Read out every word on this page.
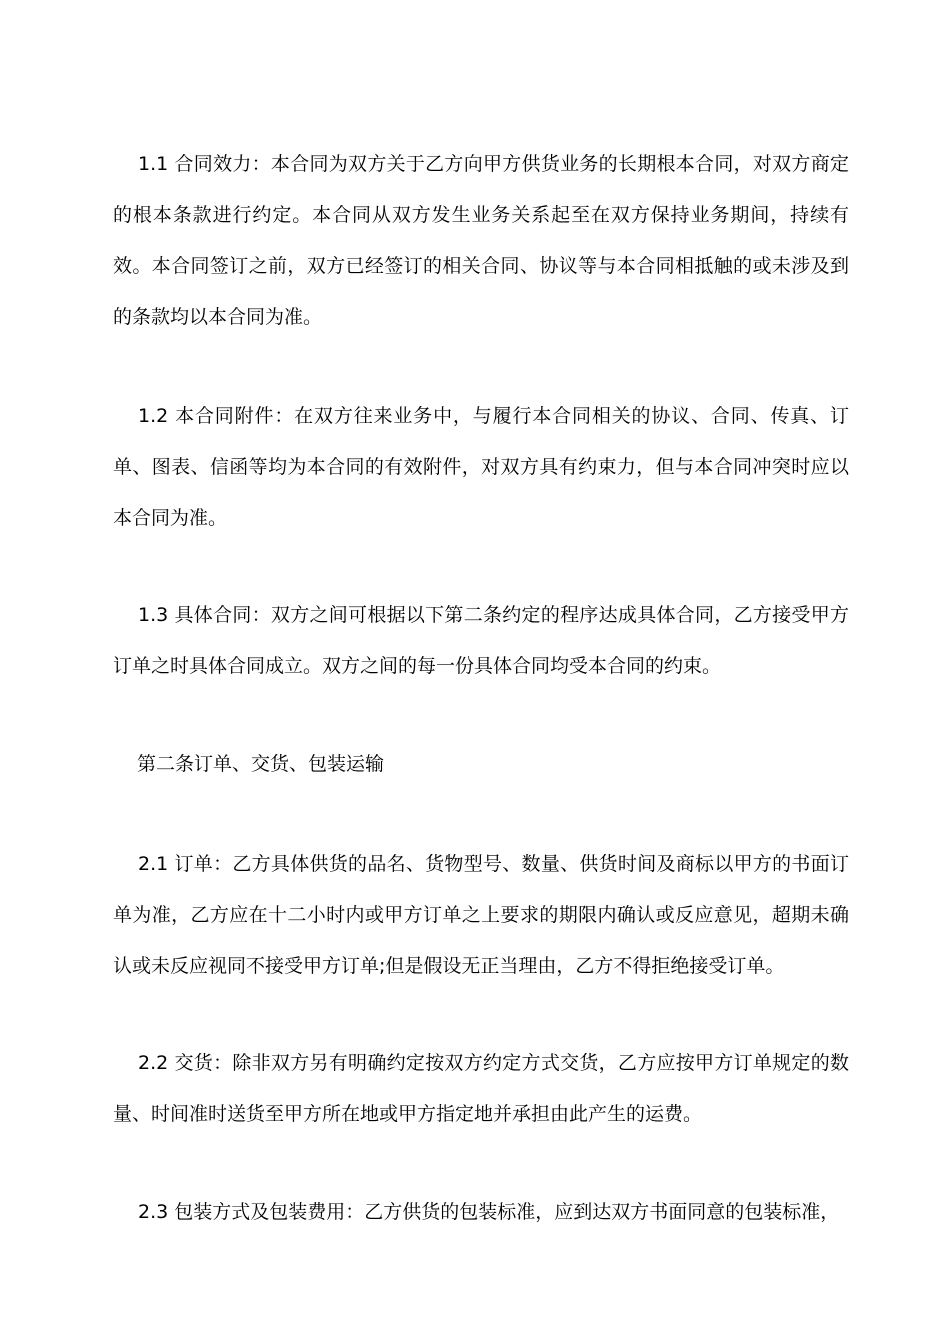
1.1 合同效力：本合同为双方关于乙方向甲方供货业务的长期根本合同，对双方商定的根本条款进行约定。本合同从双方发生业务关系起至在双方保持业务期间，持续有效。本合同签订之前，双方已经签订的相关合同、协议等与本合同相抵触的或未涉及到的条款均以本合同为准。

1.2 本合同附件：在双方往来业务中，与履行本合同相关的协议、合同、传真、订单、图表、信函等均为本合同的有效附件，对双方具有约束力，但与本合同冲突时应以本合同为准。

1.3 具体合同：双方之间可根据以下第二条约定的程序达成具体合同，乙方接受甲方订单之时具体合同成立。双方之间的每一份具体合同均受本合同的约束。

第二条订单、交货、包装运输

2.1 订单：乙方具体供货的品名、货物型号、数量、供货时间及商标以甲方的书面订单为准，乙方应在十二小时内或甲方订单之上要求的期限内确认或反应意见，超期未确认或未反应视同不接受甲方订单;但是假设无正当理由，乙方不得拒绝接受订单。

2.2 交货：除非双方另有明确约定按双方约定方式交货，乙方应按甲方订单规定的数量、时间准时送货至甲方所在地或甲方指定地并承担由此产生的运费。

2.3 包装方式及包装费用：乙方供货的包装标准，应到达双方书面同意的包装标准，
